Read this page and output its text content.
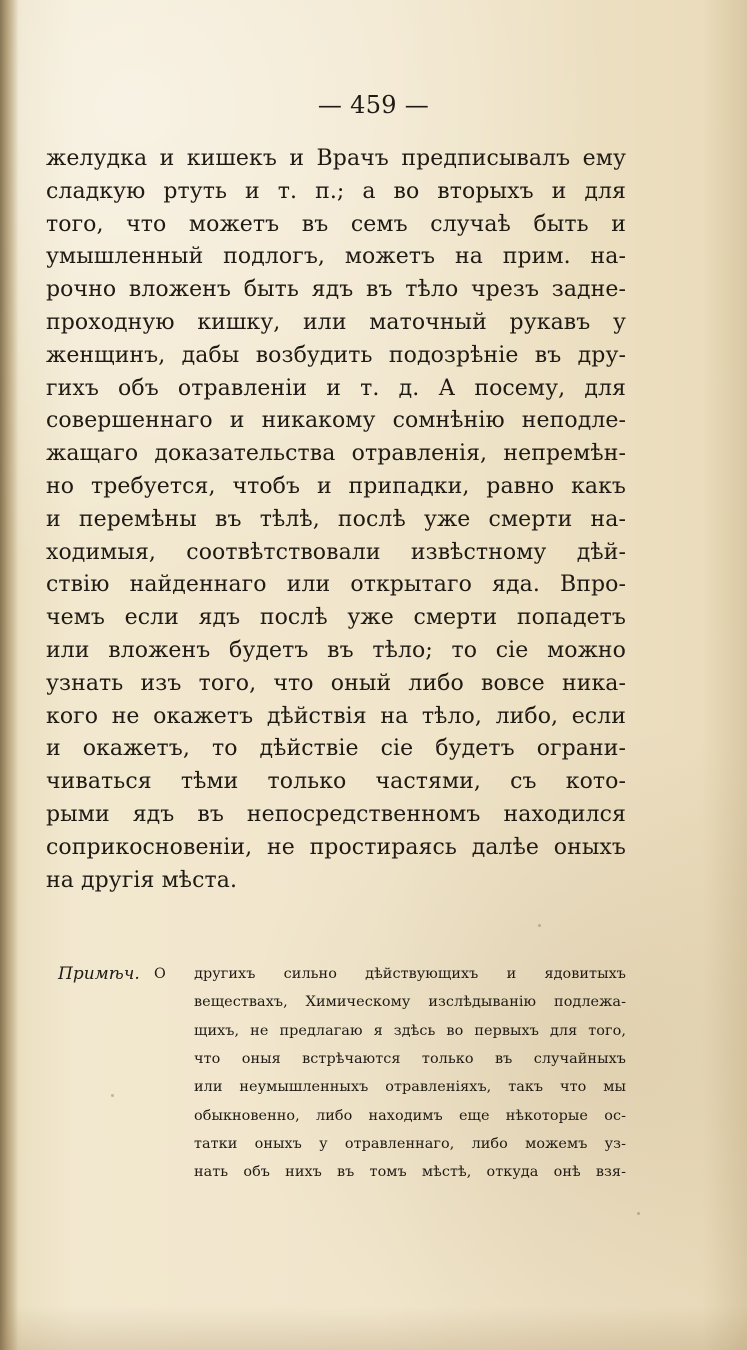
— 459 —
желудка и кишекъ и Врачъ предписывалъ ему
сладкую ртуть и т. п.; а во вторыхъ и для
того, что можетъ въ семъ случаѣ быть и
умышленный подлогъ, можетъ на прим. на-
рочно вложенъ быть ядъ въ тѣло чрезъ задне-
проходную кишку, или маточный рукавъ у
женщинъ, дабы возбудить подозрѣніе въ дру-
гихъ объ отравленіи и т. д. А посему, для
совершеннаго и никакому сомнѣнію неподле-
жащаго доказательства отравленія, непремѣн-
но требуется, чтобъ и припадки, равно какъ
и перемѣны въ тѣлѣ, послѣ уже смерти на-
ходимыя, соотвѣтствовали извѣстному дѣй-
ствію найденнаго или открытаго яда. Впро-
чемъ если ядъ послѣ уже смерти попадетъ
или вложенъ будетъ въ тѣло; то сіе можно
узнать изъ того, что оный либо вовсе ника-
кого не окажетъ дѣйствія на тѣло, либо, если
и окажетъ, то дѣйствіе сіе будетъ ограни-
чиваться тѣми только частями, съ кото-
рыми ядъ въ непосредственномъ находился
соприкосновеніи, не простираясь далѣе оныхъ
на другія мѣста.
Примѣч. О другихъ сильно дѣйствующихъ и ядовитыхъ
веществахъ, Химическому изслѣдыванію подлежа-
щихъ, не предлагаю я здѣсь во первыхъ для того,
что оныя встрѣчаются только въ случайныхъ
или неумышленныхъ отравленіяхъ, такъ что мы
обыкновенно, либо находимъ еще нѣкоторые ос-
татки оныхъ у отравленнаго, либо можемъ уз-
нать объ нихъ въ томъ мѣстѣ, откуда онѣ взя-
